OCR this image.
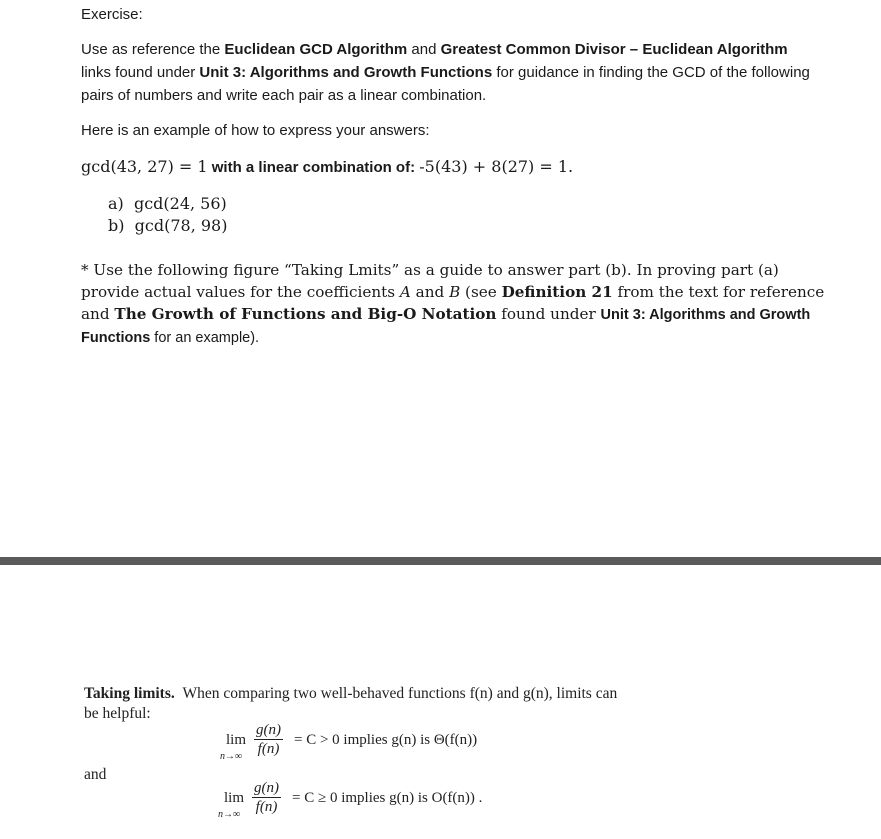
Exercise:
Use as reference the Euclidean GCD Algorithm and Greatest Common Divisor – Euclidean Algorithm links found under Unit 3: Algorithms and Growth Functions for guidance in finding the GCD of the following pairs of numbers and write each pair as a linear combination.
Here is an example of how to express your answers:
gcd(43, 27) = 1 with a linear combination of: -5(43) + 8(27) = 1.
a) gcd(24, 56)
b) gcd(78, 98)
* Use the following figure “Taking Lmits” as a guide to answer part (b). In proving part (a) provide actual values for the coefficients A and B (see Definition 21 from the text for reference and The Growth of Functions and Big-O Notation found under Unit 3: Algorithms and Growth Functions for an example).
Taking limits. When comparing two well-behaved functions f(n) and g(n), limits can
be helpful:
lim
$n\to\infty \frac{g(n)}{f(n)} = C > 0$ implies g(n) is Θ(f(n))
and
lim
$n\to\infty \frac{g(n)}{f(n)} = C \ge 0$ implies g(n) is O(f(n)) .
